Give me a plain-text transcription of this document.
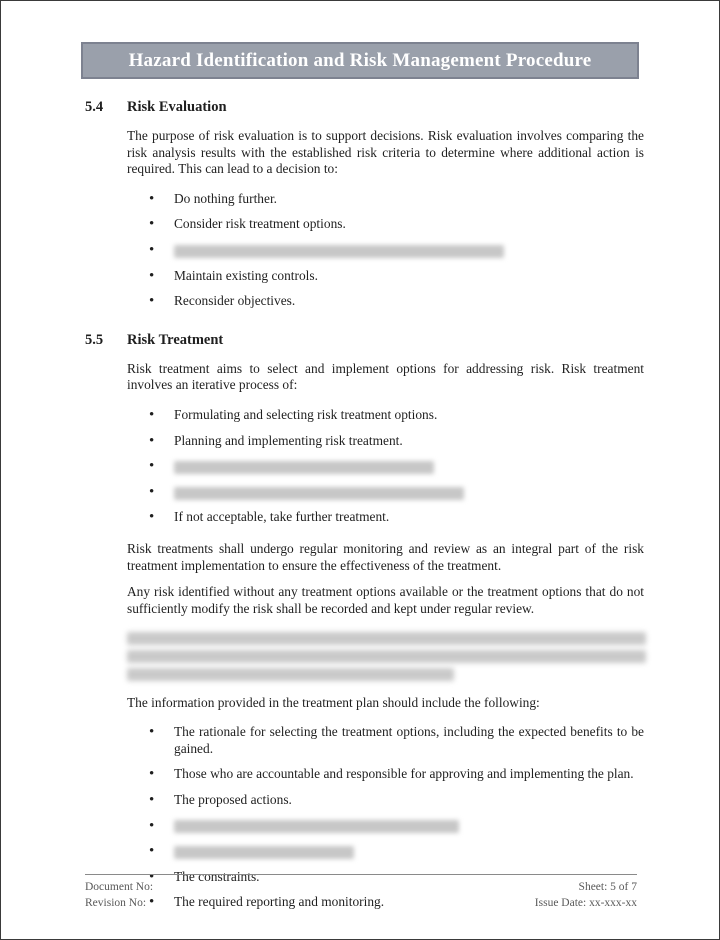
Hazard Identification and Risk Management Procedure
5.4	Risk Evaluation

The purpose of risk evaluation is to support decisions. Risk evaluation involves comparing the risk analysis results with the established risk criteria to determine where additional action is required. This can lead to a decision to:

• Do nothing further.
• Consider risk treatment options.
•
• Maintain existing controls.
• Reconsider objectives.
5.5	Risk Treatment

Risk treatment aims to select and implement options for addressing risk. Risk treatment involves an iterative process of:

• Formulating and selecting risk treatment options.
• Planning and implementing risk treatment.
•
•
• If not acceptable, take further treatment.

Risk treatments shall undergo regular monitoring and review as an integral part of the risk treatment implementation to ensure the effectiveness of the treatment.

Any risk identified without any treatment options available or the treatment options that do not sufficiently modify the risk shall be recorded and kept under regular review.

The information provided in the treatment plan should include the following:

• The rationale for selecting the treatment options, including the expected benefits to be gained.
• Those who are accountable and responsible for approving and implementing the plan.
• The proposed actions.
•
•
• The constraints.
• The required reporting and monitoring.
Document No:
Revision No:
Sheet: 5 of 7
Issue Date: xx-xxx-xx
